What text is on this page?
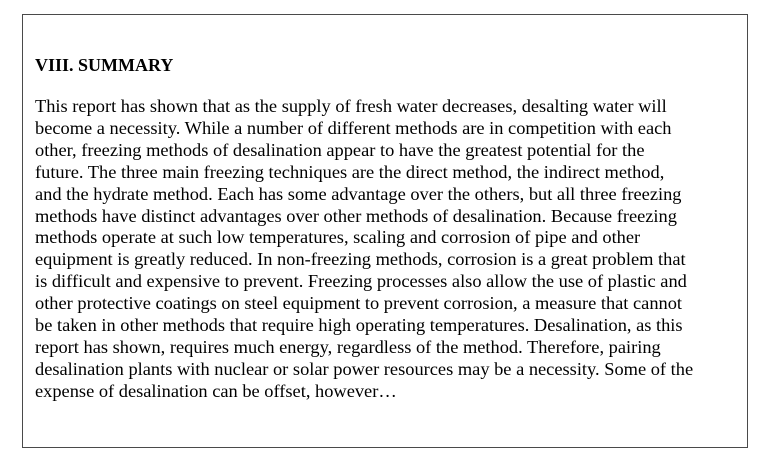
VIII. SUMMARY

This report has shown that as the supply of fresh water decreases, desalting water will
become a necessity. While a number of different methods are in competition with each
other, freezing methods of desalination appear to have the greatest potential for the
future. The three main freezing techniques are the direct method, the indirect method,
and the hydrate method. Each has some advantage over the others, but all three freezing
methods have distinct advantages over other methods of desalination. Because freezing
methods operate at such low temperatures, scaling and corrosion of pipe and other
equipment is greatly reduced. In non-freezing methods, corrosion is a great problem that
is difficult and expensive to prevent. Freezing processes also allow the use of plastic and
other protective coatings on steel equipment to prevent corrosion, a measure that cannot
be taken in other methods that require high operating temperatures. Desalination, as this
report has shown, requires much energy, regardless of the method. Therefore, pairing
desalination plants with nuclear or solar power resources may be a necessity. Some of the
expense of desalination can be offset, however…
